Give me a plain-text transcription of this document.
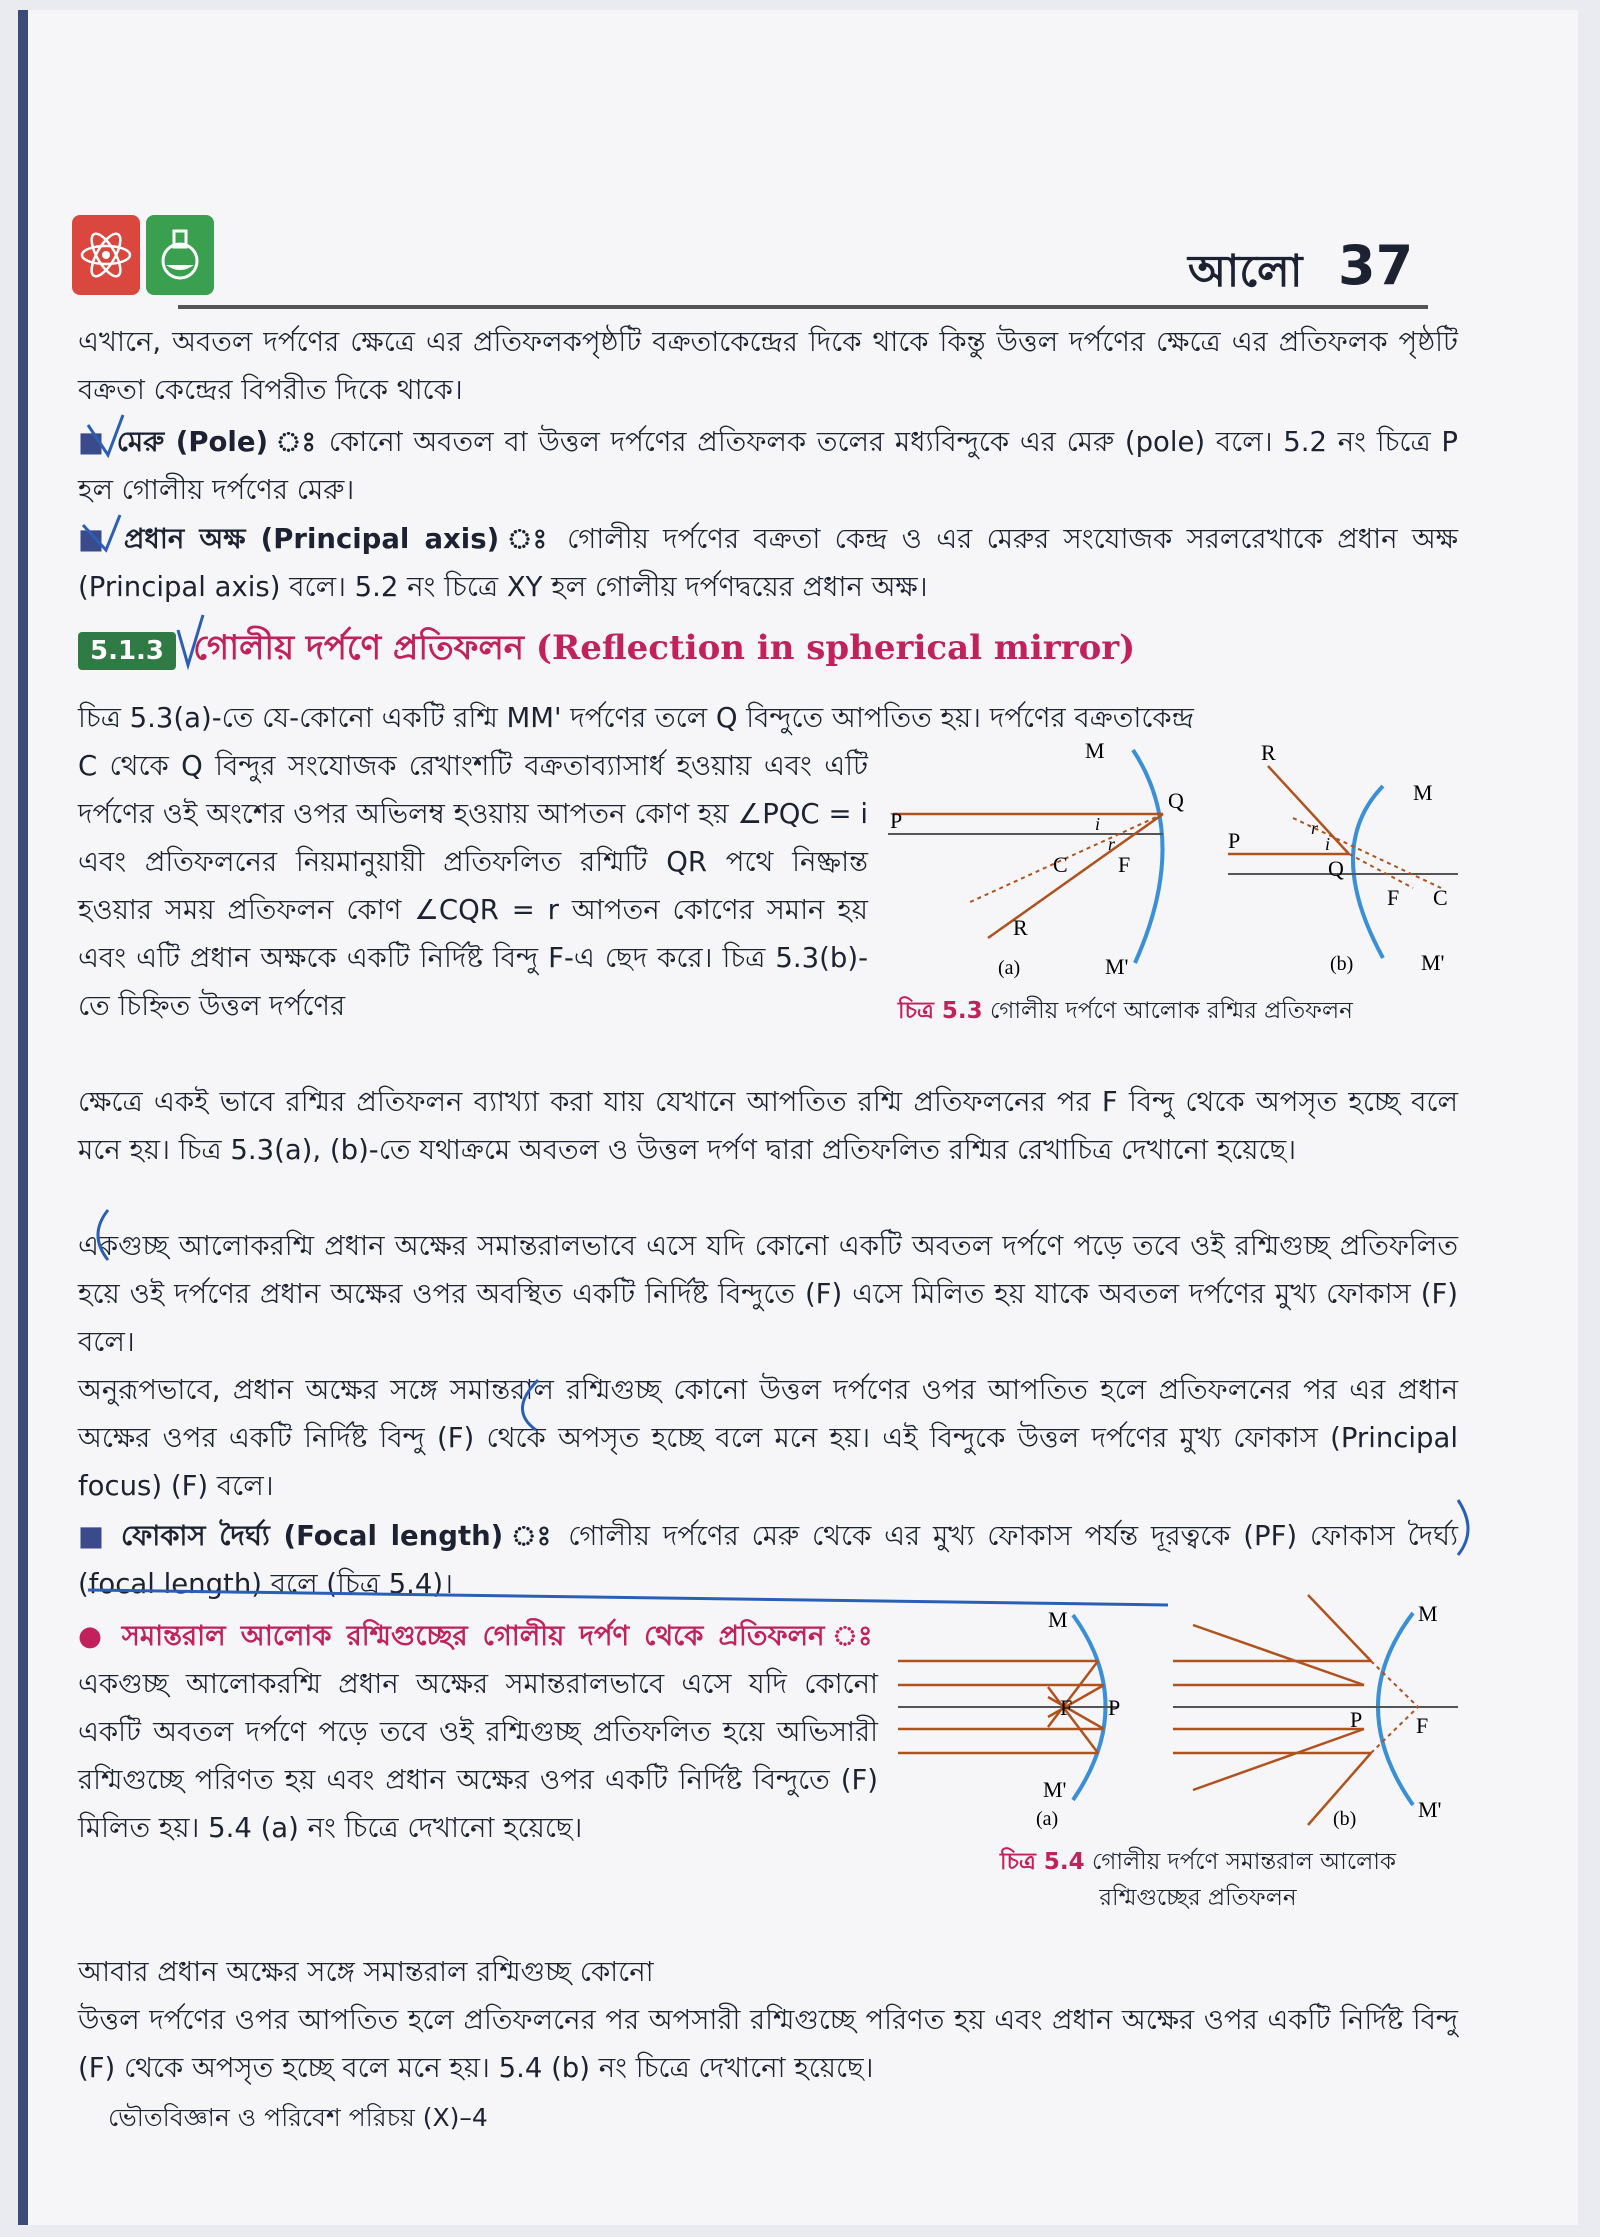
আলো 37
এখানে, অবতল দর্পণের ক্ষেত্রে এর প্রতিফলকপৃষ্ঠটি বক্রতাকেন্দ্রের দিকে থাকে কিন্তু উত্তল দর্পণের ক্ষেত্রে এর প্রতিফলক পৃষ্ঠটি বক্রতা কেন্দ্রের বিপরীত দিকে থাকে।
■ মেরু (Pole) ঃ কোনো অবতল বা উত্তল দর্পণের প্রতিফলক তলের মধ্যবিন্দুকে এর মেরু (pole) বলে। 5.2 নং চিত্রে P হল গোলীয় দর্পণের মেরু।
■ প্রধান অক্ষ (Principal axis) ঃ গোলীয় দর্পণের বক্রতা কেন্দ্র ও এর মেরুর সংযোজক সরলরেখাকে প্রধান অক্ষ (Principal axis) বলে। 5.2 নং চিত্রে XY হল গোলীয় দর্পণদ্বয়ের প্রধান অক্ষ।
5.1.3 গোলীয় দর্পণে প্রতিফলন (Reflection in spherical mirror)
চিত্র 5.3(a)-তে যে-কোনো একটি রশ্মি MM' দর্পণের তলে Q বিন্দুতে আপতিত হয়। দর্পণের বক্রতাকেন্দ্র
C থেকে Q বিন্দুর সংযোজক রেখাংশটি বক্রতাব্যাসার্ধ হওয়ায় এবং এটি দর্পণের ওই অংশের ওপর অভিলম্ব হওয়ায় আপতন কোণ হয় ∠PQC = i এবং প্রতিফলনের নিয়মানুয়ায়ী প্রতিফলিত রশ্মিটি QR পথে নিষ্ক্রান্ত হওয়ার সময় প্রতিফলন কোণ ∠CQR = r আপতন কোণের সমান হয় এবং এটি প্রধান অক্ষকে একটি নির্দিষ্ট বিন্দু F-এ ছেদ করে। চিত্র 5.3(b)-তে চিহ্নিত উত্তল দর্পণের
ক্ষেত্রে একই ভাবে রশ্মির প্রতিফলন ব্যাখ্যা করা যায় যেখানে আপতিত রশ্মি প্রতিফলনের পর F বিন্দু থেকে অপসৃত হচ্ছে বলে মনে হয়। চিত্র 5.3(a), (b)-তে যথাক্রমে অবতল ও উত্তল দর্পণ দ্বারা প্রতিফলিত রশ্মির রেখাচিত্র দেখানো হয়েছে।
M
Q
P	i
r
C F
R
M'
(a)
R
M
P	r
i
Q
F C
M'
(b)
চিত্র 5.3 গোলীয় দর্পণে আলোক রশ্মির প্রতিফলন
একগুচ্ছ আলোকরশ্মি প্রধান অক্ষের সমান্তরালভাবে এসে যদি কোনো একটি অবতল দর্পণে পড়ে তবে ওই রশ্মিগুচ্ছ প্রতিফলিত হয়ে ওই দর্পণের প্রধান অক্ষের ওপর অবস্থিত একটি নির্দিষ্ট বিন্দুতে (F) এসে মিলিত হয় যাকে অবতল দর্পণের মুখ্য ফোকাস (F) বলে।
অনুরূপভাবে, প্রধান অক্ষের সঙ্গে সমান্তরাল রশ্মিগুচ্ছ কোনো উত্তল দর্পণের ওপর আপতিত হলে প্রতিফলনের পর এর প্রধান অক্ষের ওপর একটি নির্দিষ্ট বিন্দু (F) থেকে অপসৃত হচ্ছে বলে মনে হয়। এই বিন্দুকে উত্তল দর্পণের মুখ্য ফোকাস (Principal focus) (F) বলে।
■ ফোকাস দৈর্ঘ্য (Focal length) ঃ গোলীয় দর্পণের মেরু থেকে এর মুখ্য ফোকাস পর্যন্ত দূরত্বকে (PF) ফোকাস দৈর্ঘ্য (focal length) বলে (চিত্র 5.4)।
● সমান্তরাল আলোক রশ্মিগুচ্ছের গোলীয় দর্পণ থেকে প্রতিফলন ঃ একগুচ্ছ আলোকরশ্মি প্রধান অক্ষের সমান্তরালভাবে এসে যদি কোনো একটি অবতল দর্পণে পড়ে তবে ওই রশ্মিগুচ্ছ প্রতিফলিত হয়ে অভিসারী রশ্মিগুচ্ছে পরিণত হয় এবং প্রধান অক্ষের ওপর একটি নির্দিষ্ট বিন্দুতে (F) মিলিত হয়। 5.4 (a) নং চিত্রে দেখানো হয়েছে।
আবার প্রধান অক্ষের সঙ্গে সমান্তরাল রশ্মিগুচ্ছ কোনো
উত্তল দর্পণের ওপর আপতিত হলে প্রতিফলনের পর অপসারী রশ্মিগুচ্ছে পরিণত হয় এবং প্রধান অক্ষের ওপর একটি নির্দিষ্ট বিন্দু (F) থেকে অপসৃত হচ্ছে বলে মনে হয়। 5.4 (b) নং চিত্রে দেখানো হয়েছে।
M
F P
M'
(a)
M
P F
M'
(b)
চিত্র 5.4 গোলীয় দর্পণে সমান্তরাল আলোক
রশ্মিগুচ্ছের প্রতিফলন
ভৌতবিজ্ঞান ও পরিবেশ পরিচয় (X)–4
